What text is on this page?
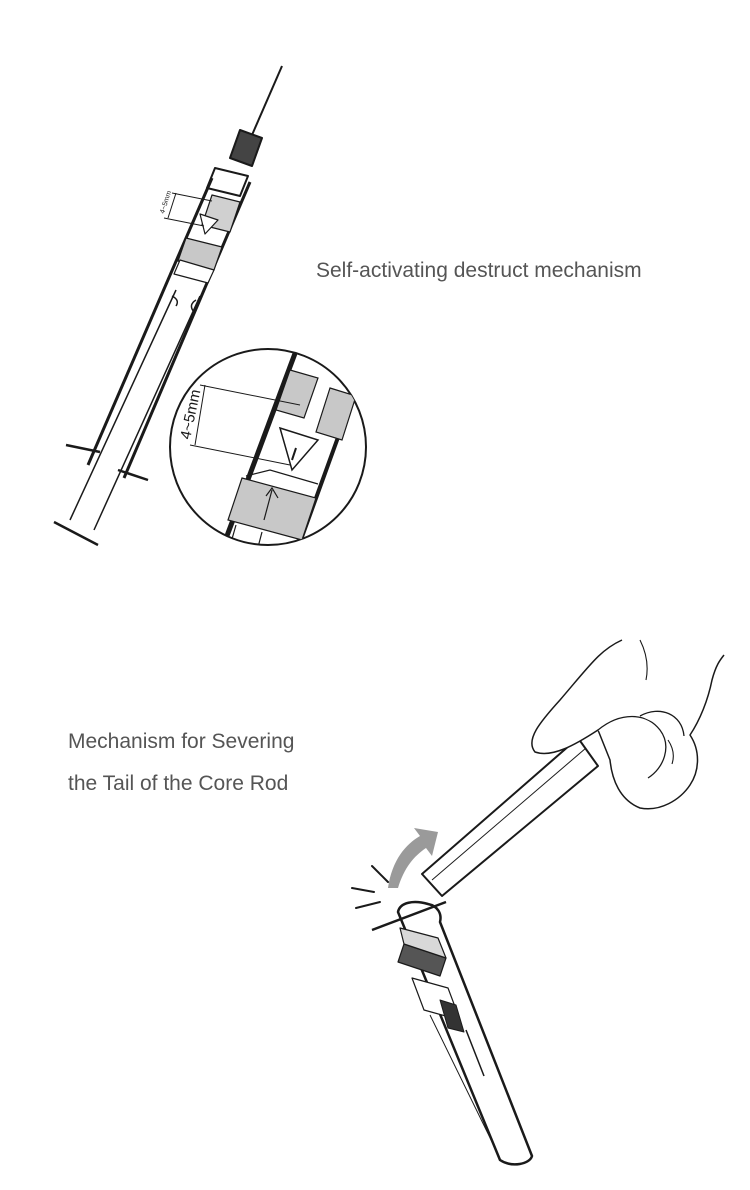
4~5mm
4~5mm
Self-activating destruct mechanism
Mechanism for Severing
the Tail of the Core Rod
